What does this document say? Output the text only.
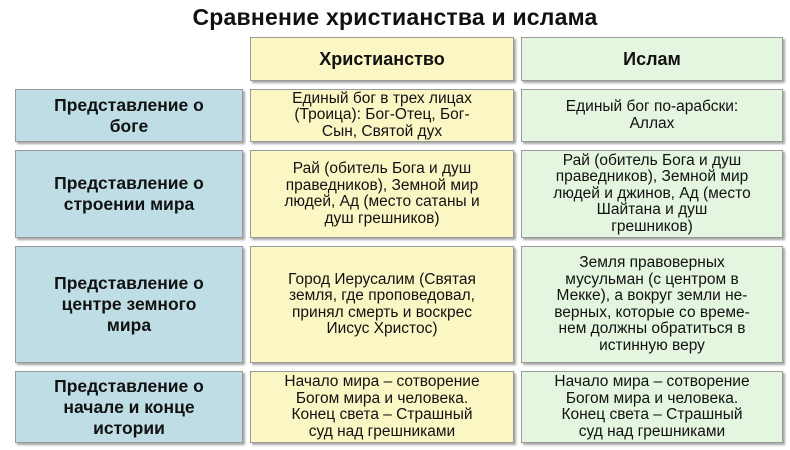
Сравнение христианства и ислама
Христианство	Ислам
Представление о
боге
Единый бог в трех лицах
(Троица): Бог-Отец, Бог-
Сын, Святой дух
Единый бог по-арабски:
Аллах
Представление о
строении мира
Рай (обитель Бога и душ
праведников), Земной мир
людей, Ад (место сатаны и
душ грешников)
Рай (обитель Бога и душ
праведников), Земной мир
людей и джинов, Ад (место
Шайтана и душ
грешников)
Представление о
центре земного
мира
Город Иерусалим (Святая
земля, где проповедовал,
принял смерть и воскрес
Иисус Христос)
Земля правоверных
мусульман (с центром в
Мекке), а вокруг земли не-
верных, которые со време-
нем должны обратиться в
истинную веру
Представление о
начале и конце
истории
Начало мира – сотворение
Богом мира и человека.
Конец света – Страшный
суд над грешниками
Начало мира – сотворение
Богом мира и человека.
Конец света – Страшный
суд над грешниками
